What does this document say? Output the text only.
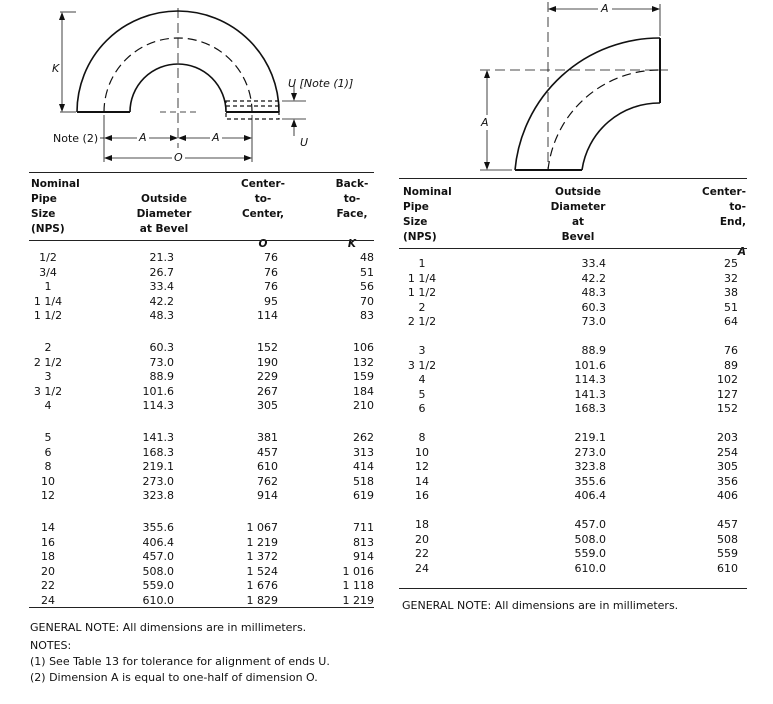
K
U [Note (1)]
Note (2)	A	A
O
U
A
A
Nominal
Pipe
Size
(NPS)
Outside
Diameter
at Bevel
Center-
to-
Center,

O
Back-
to-
Face,

K
1/2	21.3	76	48
3/4	26.7	76	51
1	33.4	76	56
1 1/4	42.2	95	70
1 1/2	48.3	114	83
2	60.3	152	106
2 1/2	73.0	190	132
3	88.9	229	159
3 1/2	101.6	267	184
4	114.3	305	210
5	141.3	381	262
6	168.3	457	313
8	219.1	610	414
10	273.0	762	518
12	323.8	914	619
14	355.6	1 067	711
16	406.4	1 219	813
18	457.0	1 372	914
20	508.0	1 524	1 016
22	559.0	1 676	1 118
24	610.0	1 829	1 219
GENERAL NOTE: All dimensions are in millimeters.
NOTES:
(1) See Table 13 for tolerance for alignment of ends U.
(2) Dimension A is equal to one-half of dimension O.
Nominal
Pipe
Size
(NPS)
Outside
Diameter
at
Bevel
Center-
to-
End,

A
1	33.4	25
1 1/4	42.2	32
1 1/2	48.3	38
2	60.3	51
2 1/2	73.0	64
3	88.9	76
3 1/2	101.6	89
4	114.3	102
5	141.3	127
6	168.3	152
8	219.1	203
10	273.0	254
12	323.8	305
14	355.6	356
16	406.4	406
18	457.0	457
20	508.0	508
22	559.0	559
24	610.0	610
GENERAL NOTE: All dimensions are in millimeters.
